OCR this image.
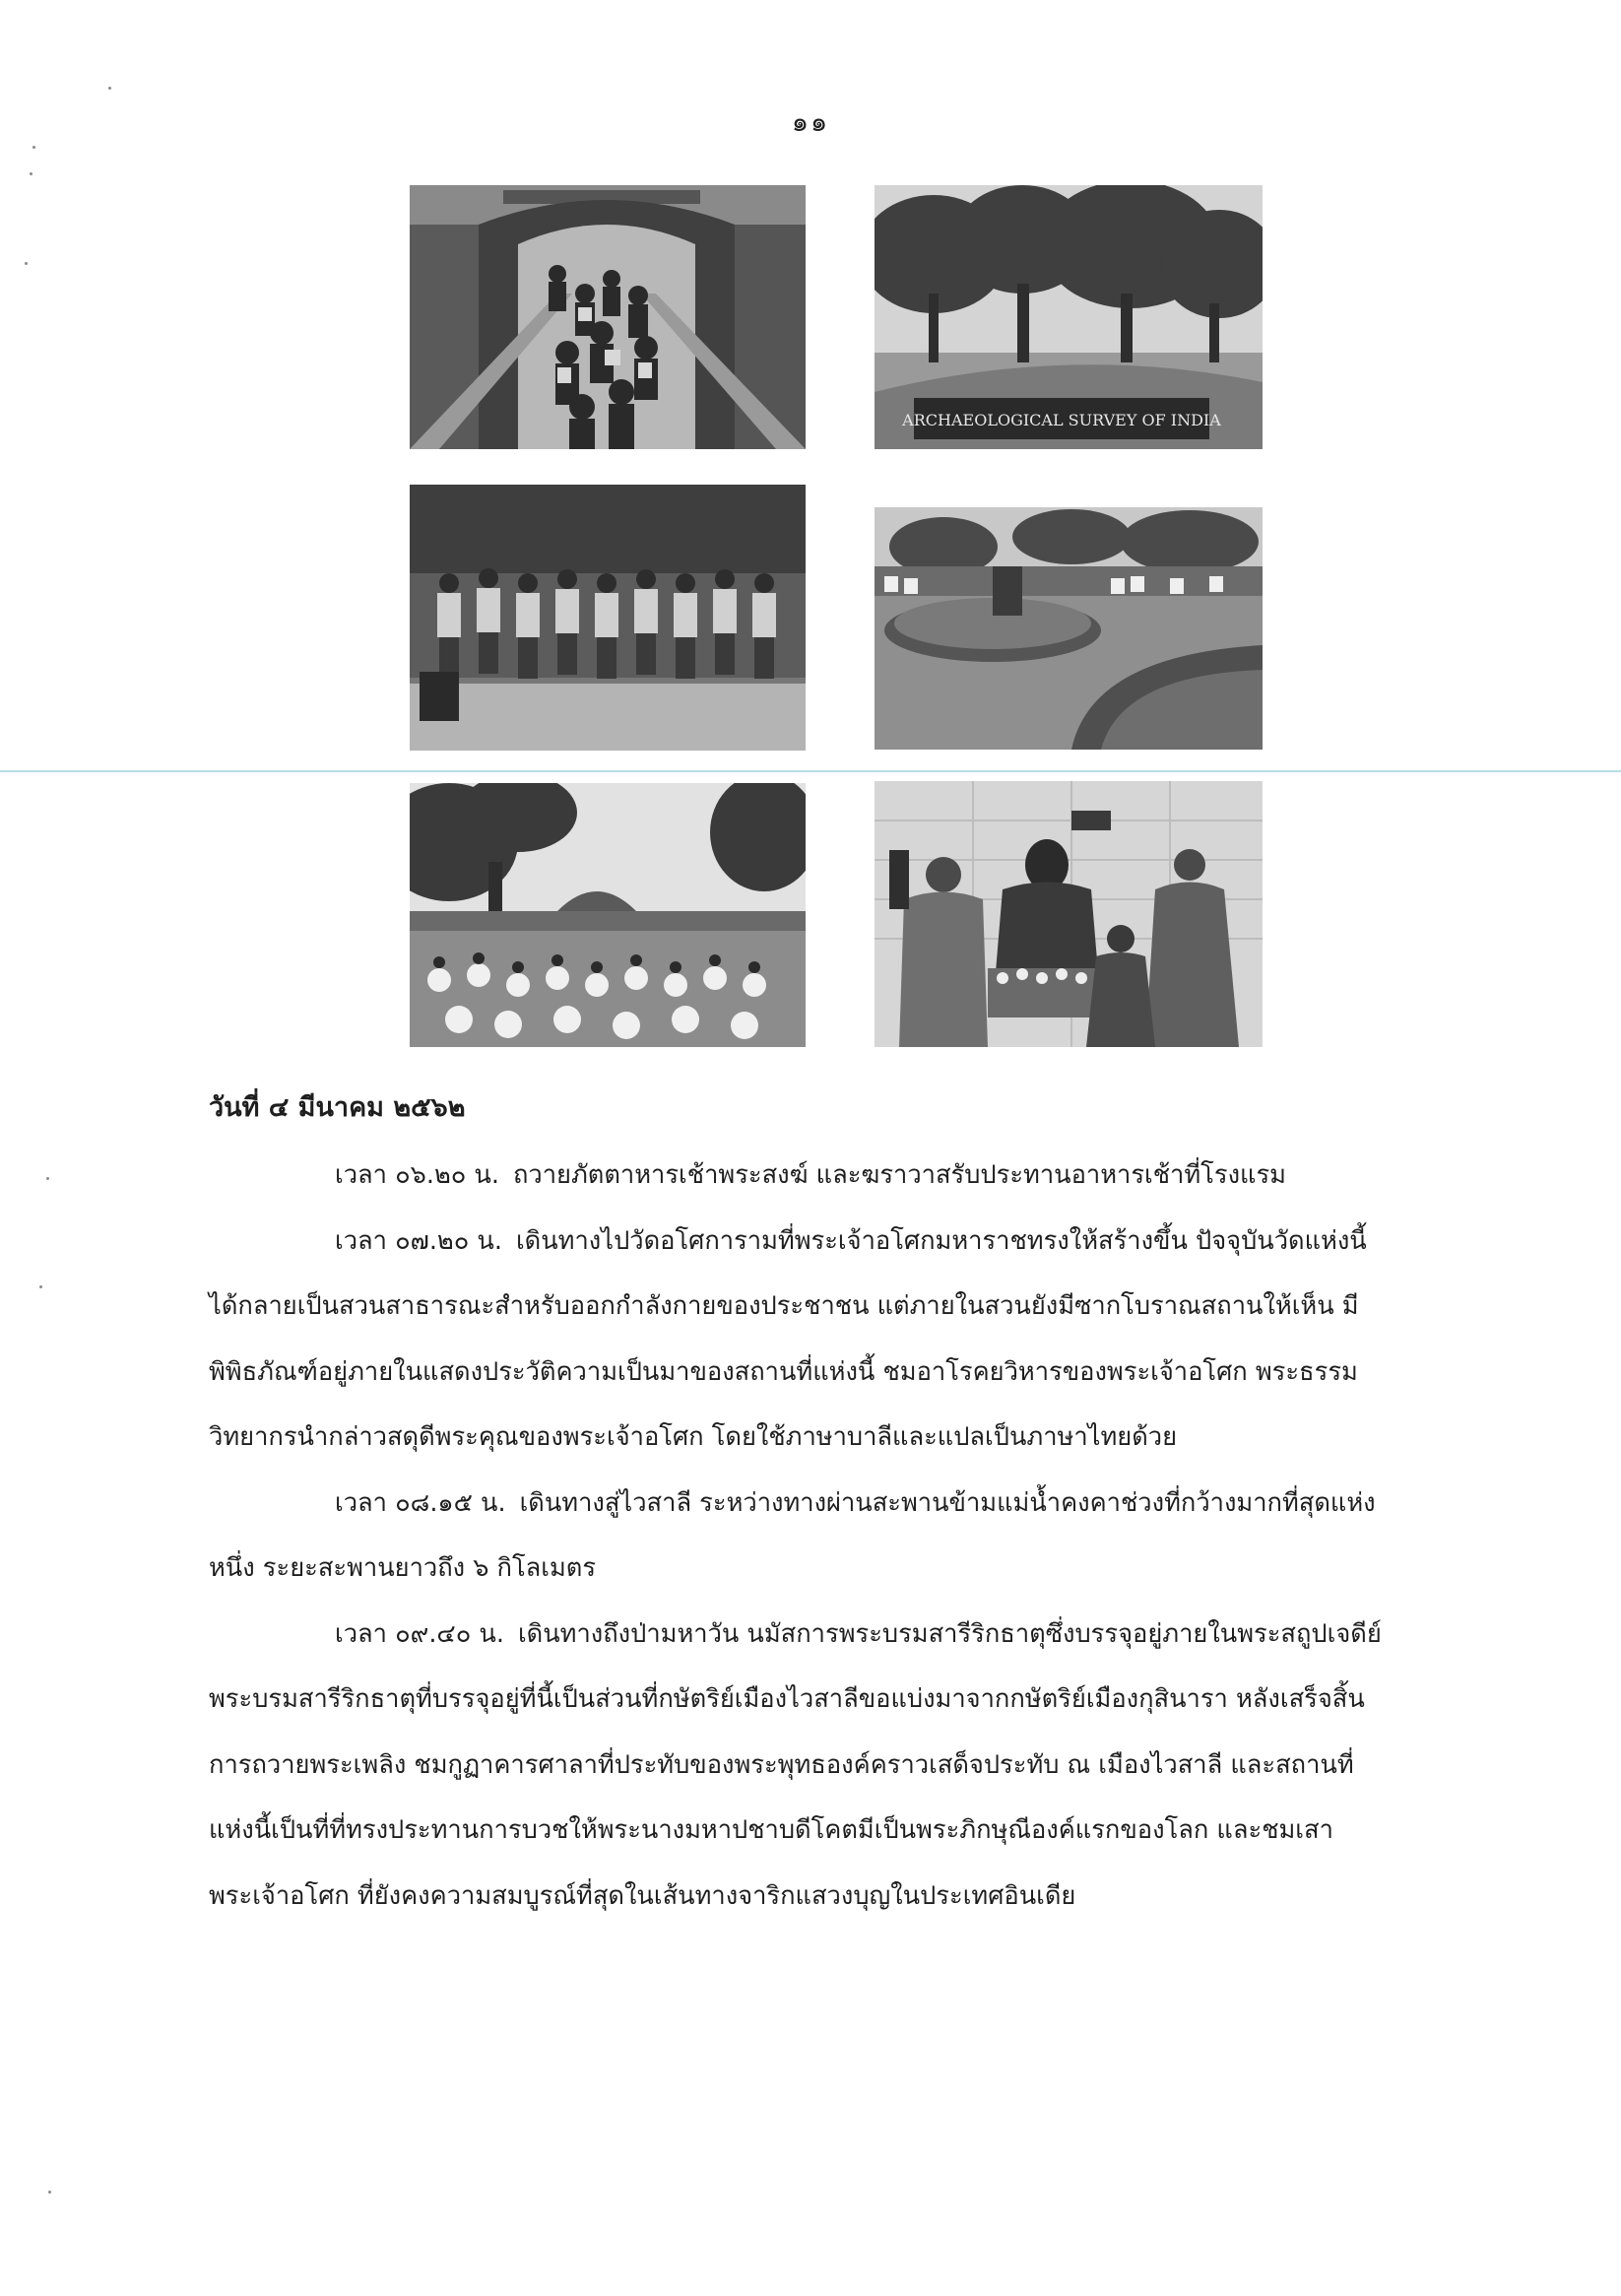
๑๑
ARCHAEOLOGICAL SURVEY OF INDIA
วันที่ ๔ มีนาคม ๒๕๖๒

เวลา ๐๖.๒๐ น. ถวายภัตตาหารเช้าพระสงฆ์ และฆราวาสรับประทานอาหารเช้าที่โรงแรม

เวลา ๐๗.๒๐ น. เดินทางไปวัดอโศการามที่พระเจ้าอโศกมหาราชทรงให้สร้างขึ้น ปัจจุบันวัดแห่งนี้ได้กลายเป็นสวนสาธารณะสำหรับออกกำลังกายของประชาชน แต่ภายในสวนยังมีซากโบราณสถานให้เห็น มีพิพิธภัณฑ์อยู่ภายในแสดงประวัติความเป็นมาของสถานที่แห่งนี้ ชมอาโรคยวิหารของพระเจ้าอโศก พระธรรมวิทยากรนำกล่าวสดุดีพระคุณของพระเจ้าอโศก โดยใช้ภาษาบาลีและแปลเป็นภาษาไทยด้วย

เวลา ๐๘.๑๕ น. เดินทางสู่ไวสาลี ระหว่างทางผ่านสะพานข้ามแม่น้ำคงคาช่วงที่กว้างมากที่สุดแห่งหนึ่ง ระยะสะพานยาวถึง ๖ กิโลเมตร

เวลา ๐๙.๔๐ น. เดินทางถึงป่ามหาวัน นมัสการพระบรมสารีริกธาตุซึ่งบรรจุอยู่ภายในพระสถูปเจดีย์ พระบรมสารีริกธาตุที่บรรจุอยู่ที่นี้เป็นส่วนที่กษัตริย์เมืองไวสาลีขอแบ่งมาจากกษัตริย์เมืองกุสินารา หลังเสร็จสิ้นการถวายพระเพลิง ชมกูฏาคารศาลาที่ประทับของพระพุทธองค์คราวเสด็จประทับ ณ เมืองไวสาลี และสถานที่แห่งนี้เป็นที่ที่ทรงประทานการบวชให้พระนางมหาปชาบดีโคตมีเป็นพระภิกษุณีองค์แรกของโลก และชมเสาพระเจ้าอโศก ที่ยังคงความสมบูรณ์ที่สุดในเส้นทางจาริกแสวงบุญในประเทศอินเดีย
